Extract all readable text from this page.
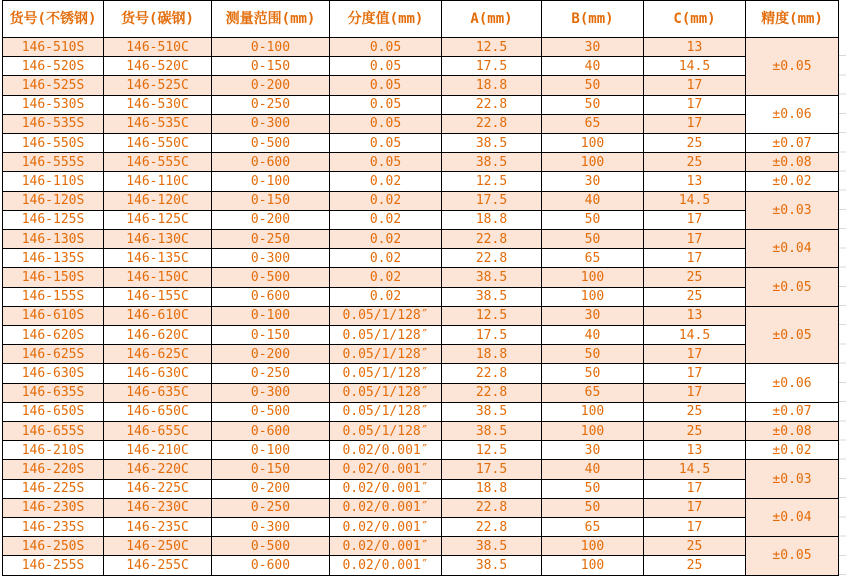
货号(不锈钢)	货号(碳钢)	测量范围(mm)	分度值(mm)	A(mm)	B(mm)	C(mm)	精度(mm)
146-510S	146-510C	0-100	0.05	12.5	30	13	±0.05
146-520S	146-520C	0-150	0.05	17.5	40	14.5	
146-525S	146-525C	0-200	0.05	18.8	50	17	
146-530S	146-530C	0-250	0.05	22.8	50	17	±0.06
146-535S	146-535C	0-300	0.05	22.8	65	17	
146-550S	146-550C	0-500	0.05	38.5	100	25	±0.07
146-555S	146-555C	0-600	0.05	38.5	100	25	±0.08
146-110S	146-110C	0-100	0.02	12.5	30	13	±0.02
146-120S	146-120C	0-150	0.02	17.5	40	14.5	±0.03
146-125S	146-125C	0-200	0.02	18.8	50	17	
146-130S	146-130C	0-250	0.02	22.8	50	17	±0.04
146-135S	146-135C	0-300	0.02	22.8	65	17	
146-150S	146-150C	0-500	0.02	38.5	100	25	±0.05
146-155S	146-155C	0-600	0.02	38.5	100	25	
146-610S	146-610C	0-100	0.05/1/128″	12.5	30	13	±0.05
146-620S	146-620C	0-150	0.05/1/128″	17.5	40	14.5	
146-625S	146-625C	0-200	0.05/1/128″	18.8	50	17	
146-630S	146-630C	0-250	0.05/1/128″	22.8	50	17	±0.06
146-635S	146-635C	0-300	0.05/1/128″	22.8	65	17	
146-650S	146-650C	0-500	0.05/1/128″	38.5	100	25	±0.07
146-655S	146-655C	0-600	0.05/1/128″	38.5	100	25	±0.08
146-210S	146-210C	0-100	0.02/0.001″	12.5	30	13	±0.02
146-220S	146-220C	0-150	0.02/0.001″	17.5	40	14.5	±0.03
146-225S	146-225C	0-200	0.02/0.001″	18.8	50	17	
146-230S	146-230C	0-250	0.02/0.001″	22.8	50	17	±0.04
146-235S	146-235C	0-300	0.02/0.001″	22.8	65	17	
146-250S	146-250C	0-500	0.02/0.001″	38.5	100	25	±0.05
146-255S	146-255C	0-600	0.02/0.001″	38.5	100	25	
